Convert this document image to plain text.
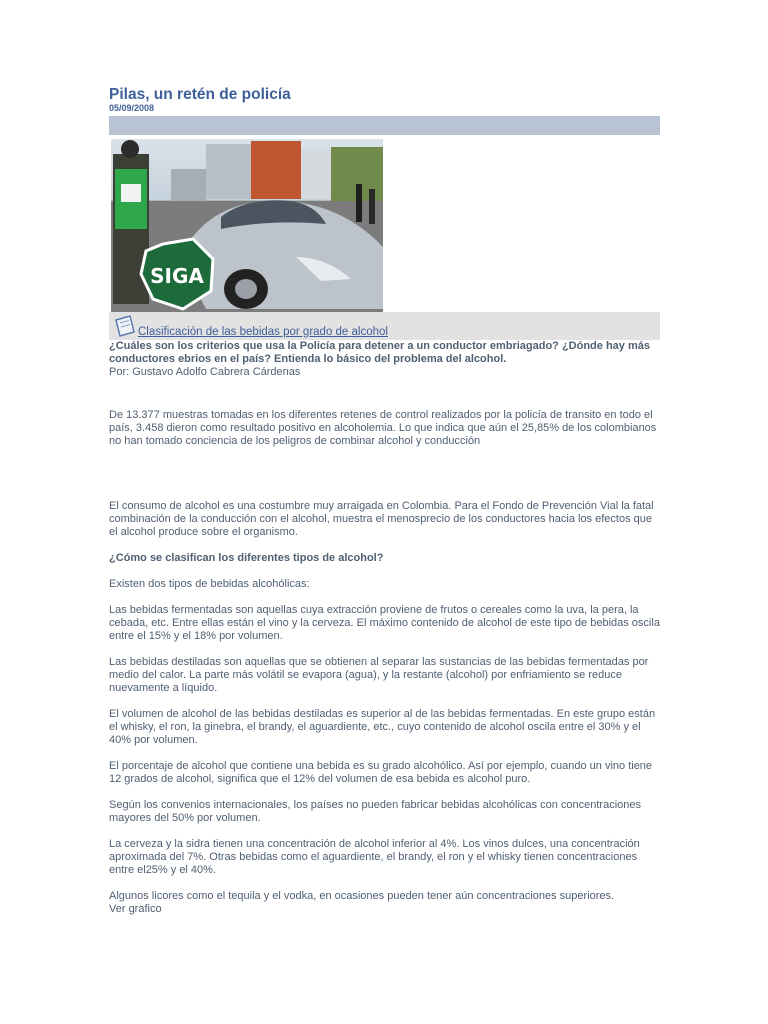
Pilas, un retén de policía
05/09/2008
SIGA
Clasificación de las bebidas por grado de alcohol

¿Cuáles son los criterios que usa la Policía para detener a un conductor embriagado? ¿Dónde hay más conductores ebrios en el país? Entienda lo básico del problema del alcohol.

Por: Gustavo Adolfo Cabrera Cárdenas

De 13.377 muestras tomadas en los diferentes retenes de control realizados por la policía de transito en todo el país, 3.458 dieron como resultado positivo en alcoholemia. Lo que indica que aún el 25,85% de los colombianos no han tomado conciencia de los peligros de combinar alcohol y conducción

El consumo de alcohol es una costumbre muy arraigada en Colombia. Para el Fondo de Prevención Vial la fatal combinación de la conducción con el alcohol, muestra el menosprecio de los conductores hacia los efectos que el alcohol produce sobre el organismo.

¿Cómo se clasifican los diferentes tipos de alcohol?

Existen dos tipos de bebidas alcohólicas:

Las bebidas fermentadas son aquellas cuya extracción proviene de frutos o cereales como la uva, la pera, la cebada, etc. Entre ellas están el vino y la cerveza. El máximo contenido de alcohol de este tipo de bebidas oscila entre el 15% y el 18% por volumen.

Las bebidas destiladas son aquellas que se obtienen al separar las sustancias de las bebidas fermentadas por medio del calor. La parte más volátil se evapora (agua), y la restante (alcohol) por enfriamiento se reduce

nuevamente a líquido.

El volumen de alcohol de las bebidas destiladas es superior al de las bebidas fermentadas. En este grupo están el whisky, el ron, la ginebra, el brandy, el aguardiente, etc., cuyo contenido de alcohol oscila entre el 30% y el 40% por volumen.

El porcentaje de alcohol que contiene una bebida es su grado alcohólico. Así por ejemplo, cuando un vino tiene 12 grados de alcohol, significa que el 12% del volumen de esa bebida es alcohol puro.

Según los convenios internacionales, los países no pueden fabricar bebidas alcohólicas con concentraciones mayores del 50% por volumen.

La cerveza y la sidra tienen una concentración de alcohol inferior al 4%. Los vinos dulces, una concentración aproximada del 7%. Otras bebidas como el aguardiente, el brandy, el ron y el whisky tienen concentraciones entre el25% y el 40%.

Algunos licores como el tequila y el vodka, en ocasiones pueden tener aún concentraciones superiores.

Ver grafico
